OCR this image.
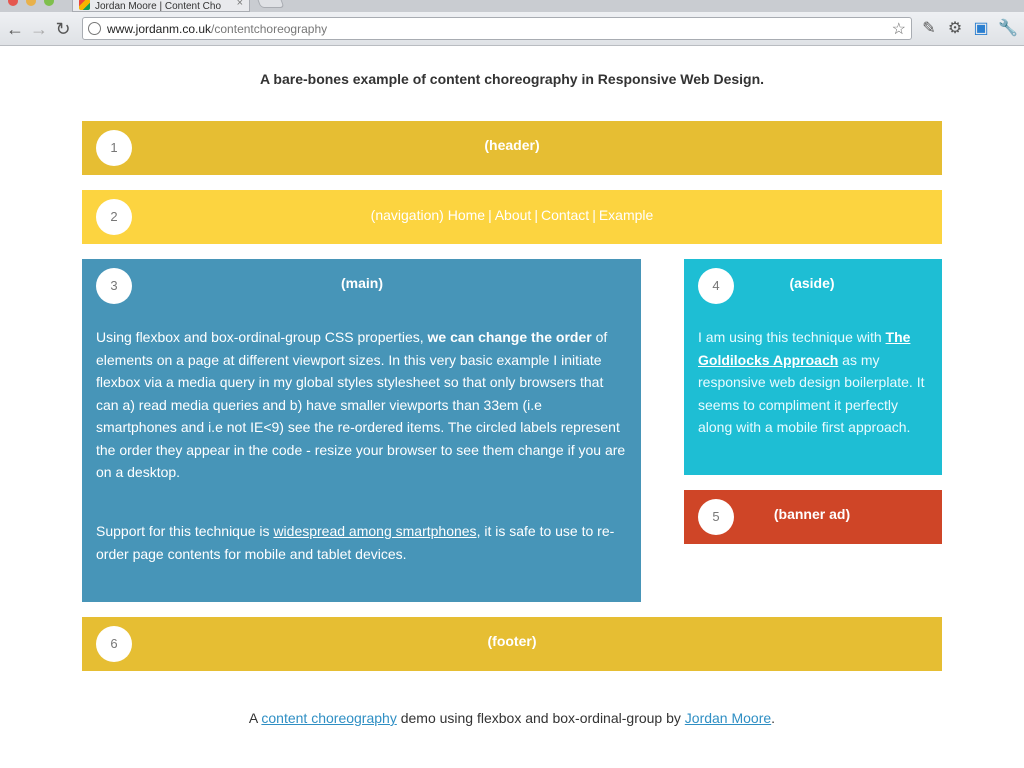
Jordan Moore | Content Cho ×
← → ↻	www.jordanm.co.uk/contentchoreography	☆ ✎ ⚙ ▣ 🔧
A bare-bones example of content choreography in Responsive Web Design.
1	(header)
2	(navigation) Home | About | Contact | Example
3	(main)

Using flexbox and box-ordinal-group CSS properties, we can change the order of elements on a page at different viewport sizes. In this very basic example I initiate flexbox via a media query in my global styles stylesheet so that only browsers that can a) read media queries and b) have smaller viewports than 33em (i.e smartphones and i.e not IE<9) see the re-ordered items. The circled labels represent the order they appear in the code - resize your browser to see them change if you are on a desktop.

Support for this technique is widespread among smartphones, it is safe to use to re-order page contents for mobile and tablet devices.

4	(aside)

I am using this technique with The Goldilocks Approach as my responsive web design boilerplate. It seems to compliment it perfectly along with a mobile first approach.

5	(banner ad)
6	(footer)
A content choreography demo using flexbox and box-ordinal-group by Jordan Moore.
